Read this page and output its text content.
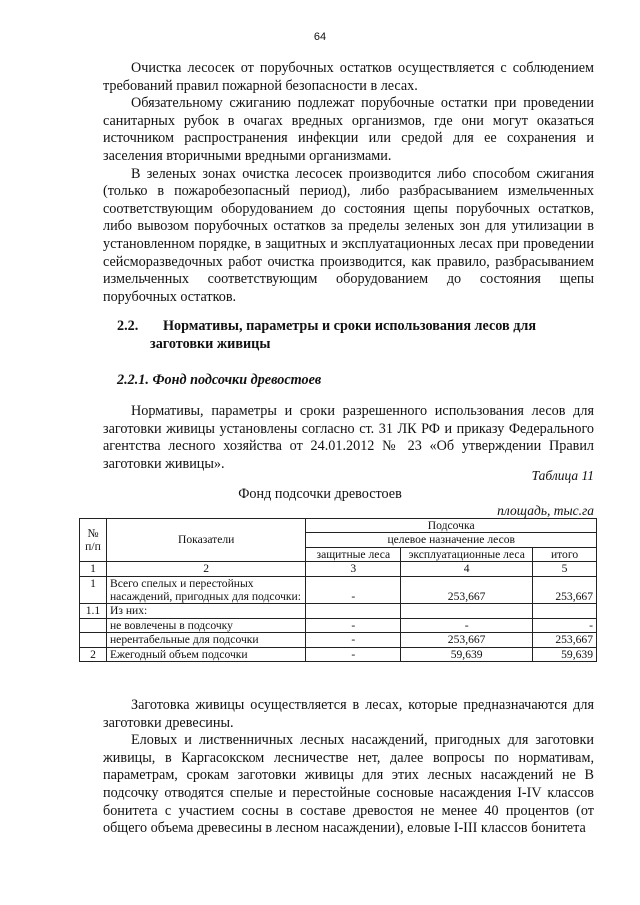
64

Очистка лесосек от порубочных остатков осуществляется с соблюдением требований правил пожарной безопасности в лесах.

Обязательному сжиганию подлежат порубочные остатки при проведении санитарных рубок в очагах вредных организмов, где они могут оказаться источником распространения инфекции или средой для ее сохранения и заселения вторичными вредными организмами.

В зеленых зонах очистка лесосек производится либо способом сжигания (только в пожаробезопасный период), либо разбрасыванием измельченных соответствующим оборудованием до состояния щепы порубочных остатков, либо вывозом порубочных остатков за пределы зеленых зон для утилизации в установленном порядке, в защитных и эксплуатационных лесах при проведении сейсморазведочных работ очистка производится, как правило, разбрасыванием измельченных соответствующим оборудованием до состояния щепы порубочных остатков.

2.2. Нормативы, параметры и сроки использования лесов для
заготовки живицы
2.2.1. Фонд подсочки древостоев

Нормативы, параметры и сроки разрешенного использования лесов для заготовки живицы установлены согласно ст. 31 ЛК РФ и приказу Федерального агентства лесного хозяйства от 24.01.2012 № 23 «Об утверждении Правил заготовки живицы».

Таблица 11
Фонд подсочки древостоев
площадь, тыс.га
№ п/п	Показатели	Подсочка		
		целевое назначение лесов		
		защитные леса	эксплуатационные леса	итого
1	2	3	4	5
1	Всего спелых и перестойных насаждений, пригодных для подсочки:	-	253,667	253,667
1.1	Из них:			
	не вовлечены в подсочку	-	-	-
	нерентабельные для подсочки	-	253,667	253,667
2	Ежегодный объем подсочки	-	59,639	59,639

Заготовка живицы осуществляется в лесах, которые предназначаются для заготовки древесины.

Еловых и лиственничных лесных насаждений, пригодных для заготовки живицы, в Каргасокском лесничестве нет, далее вопросы по нормативам, параметрам, срокам заготовки живицы для этих лесных насаждений не В подсочку отводятся спелые и перестойные сосновые насаждения I-IV классов бонитета с участием сосны в составе древостоя не менее 40 процентов (от общего объема древесины в лесном насаждении), еловые I-III классов бонитета
